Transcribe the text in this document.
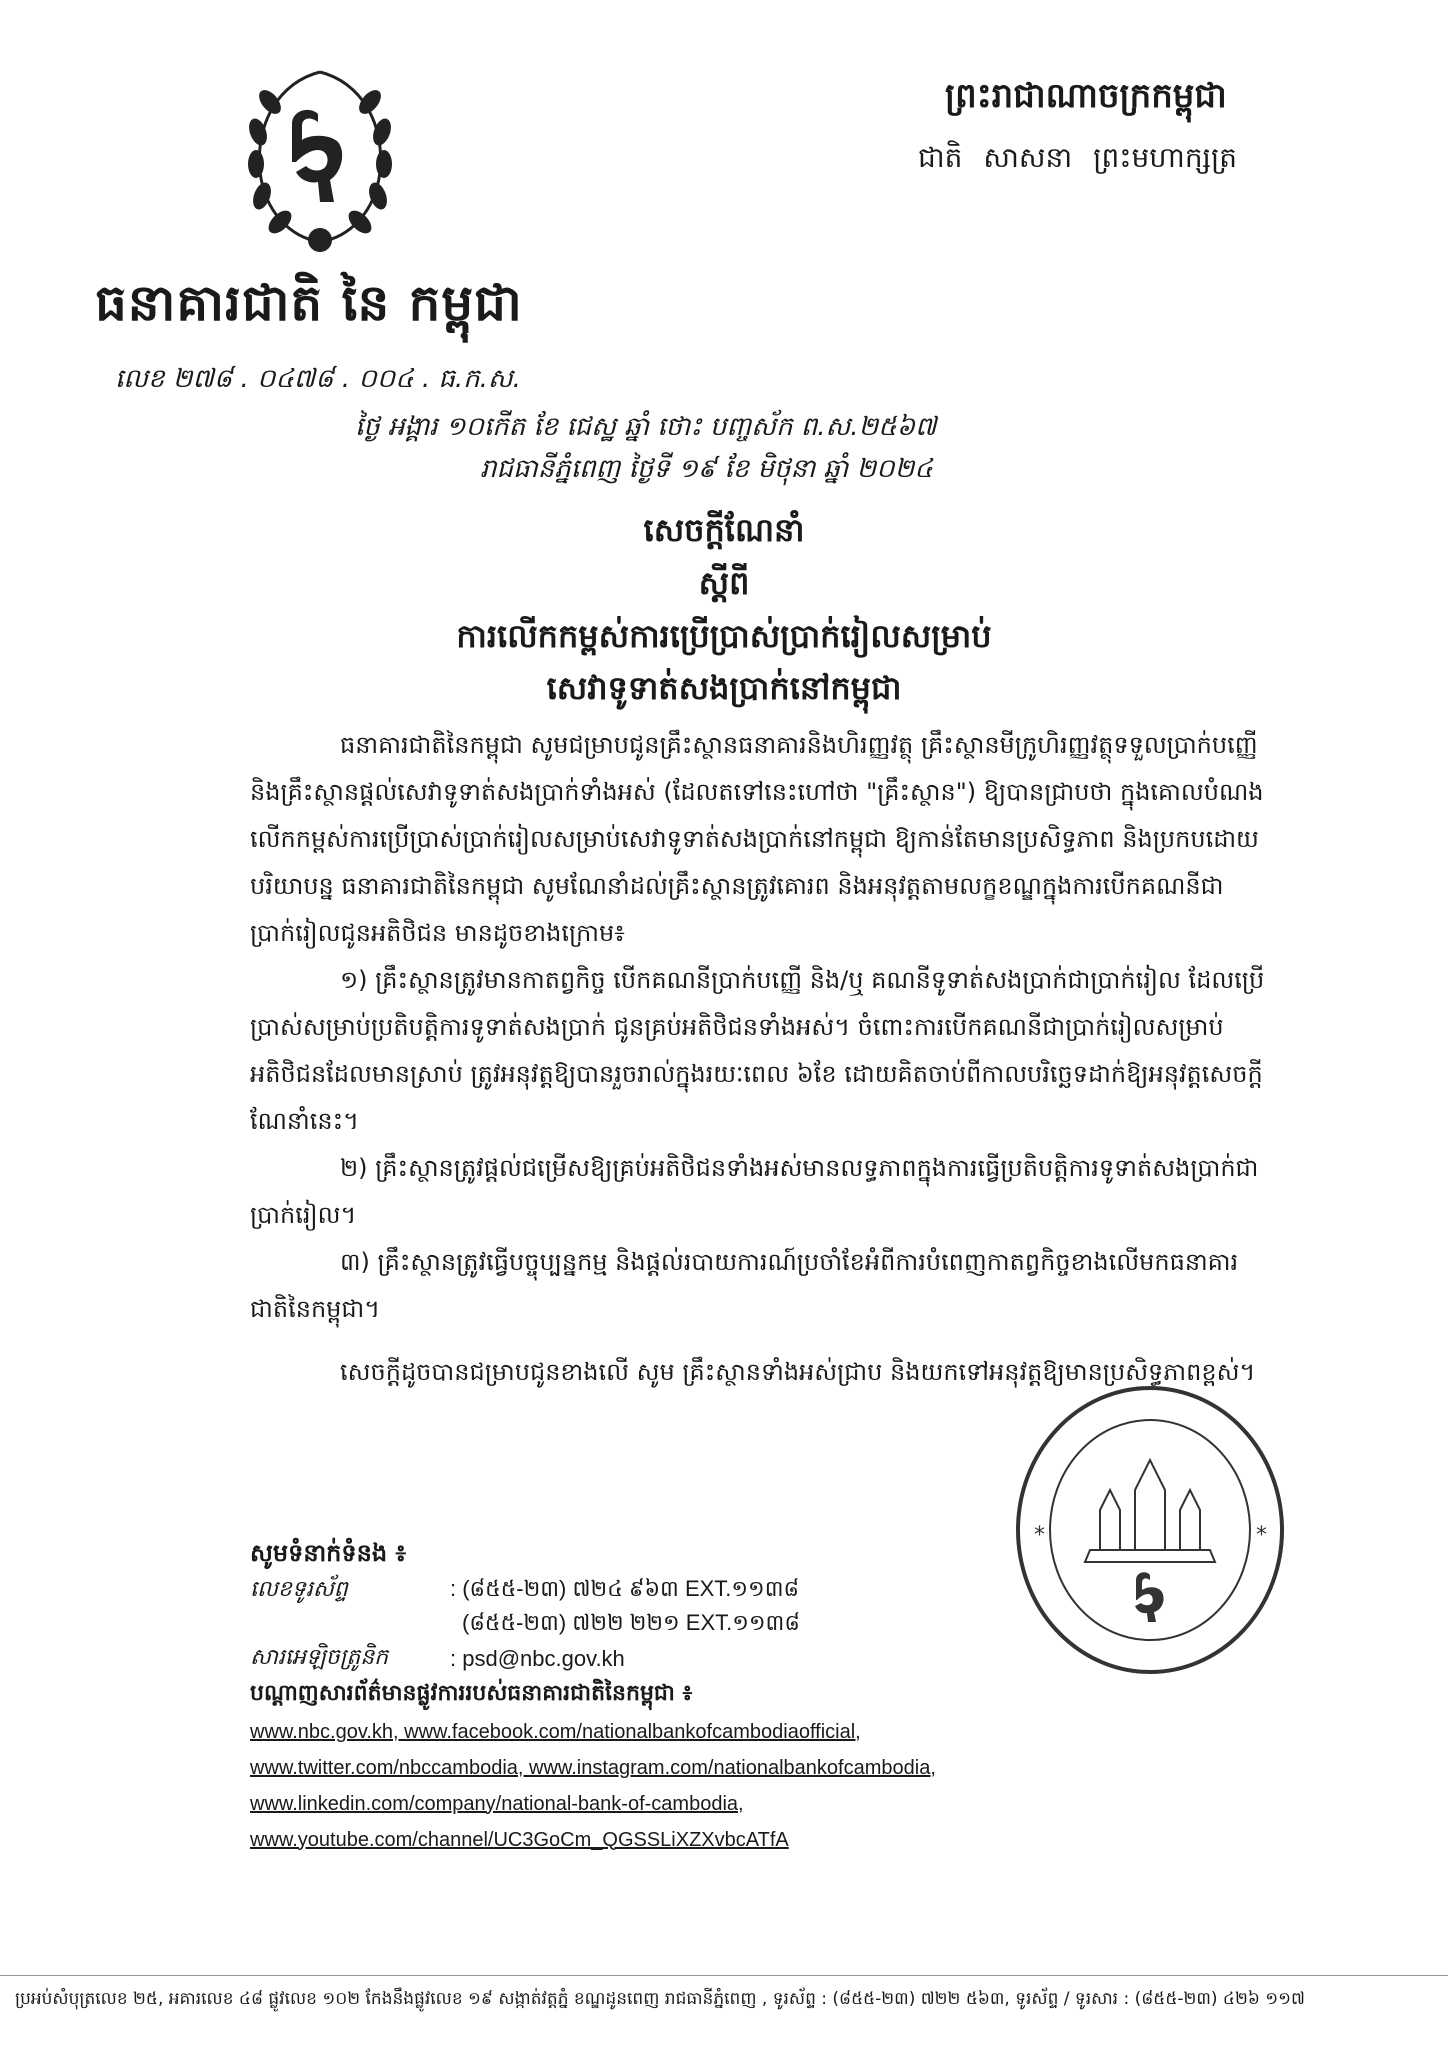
ធនាគារជាតិ នៃ កម្ពុជា
ព្រះរាជាណាចក្រកម្ពុជា
ជាតិ សាសនា ព្រះមហាក្សត្រ
លេខ ២៧៨ . ០៤៧៨ . ០០៤ . ធ.ក.ស.
ថ្ងៃ អង្គារ ១០កើត ខែ ជេស្ឋ ឆ្នាំ ថោះ បញ្ចស័ក ព.ស.២៥៦៧
រាជធានីភ្នំពេញ ថ្ងៃទី ១៩ ខែ មិថុនា ឆ្នាំ ២០២៤
សេចក្ដីណែនាំ
ស្ដីពី
ការលើកកម្ពស់ការប្រើប្រាស់ប្រាក់រៀលសម្រាប់
សេវាទូទាត់សងប្រាក់នៅកម្ពុជា

ធនាគារជាតិនៃកម្ពុជា សូមជម្រាបជូនគ្រឹះស្ថានធនាគារនិងហិរញ្ញវត្ថុ គ្រឹះស្ថានមីក្រូហិរញ្ញវត្ថុទទួលប្រាក់បញ្ញើ និងគ្រឹះស្ថានផ្ដល់សេវាទូទាត់សងប្រាក់ទាំងអស់ (ដែលតទៅនេះហៅថា "គ្រឹះស្ថាន") ឱ្យបានជ្រាបថា ក្នុងគោលបំណងលើកកម្ពស់ការប្រើប្រាស់ប្រាក់រៀលសម្រាប់សេវាទូទាត់សងប្រាក់នៅកម្ពុជា ឱ្យកាន់តែមានប្រសិទ្ធភាព និងប្រកបដោយបរិយាបន្ន ធនាគារជាតិនៃកម្ពុជា សូមណែនាំដល់គ្រឹះស្ថានត្រូវគោរព និងអនុវត្តតាមលក្ខខណ្ឌក្នុងការបើកគណនីជាប្រាក់រៀលជូនអតិថិជន មានដូចខាងក្រោម៖

១) គ្រឹះស្ថានត្រូវមានកាតព្វកិច្ច បើកគណនីប្រាក់បញ្ញើ និង/ឬ គណនីទូទាត់សងប្រាក់ជាប្រាក់រៀល ដែលប្រើប្រាស់សម្រាប់ប្រតិបត្តិការទូទាត់សងប្រាក់ ជូនគ្រប់អតិថិជនទាំងអស់។ ចំពោះការបើកគណនីជាប្រាក់រៀលសម្រាប់អតិថិជនដែលមានស្រាប់ ត្រូវអនុវត្តឱ្យបានរួចរាល់ក្នុងរយៈពេល ៦ខែ ដោយគិតចាប់ពីកាលបរិច្ឆេទដាក់ឱ្យអនុវត្តសេចក្ដីណែនាំនេះ។

២) គ្រឹះស្ថានត្រូវផ្ដល់ជម្រើសឱ្យគ្រប់អតិថិជនទាំងអស់មានលទ្ធភាពក្នុងការធ្វើប្រតិបត្តិការទូទាត់សងប្រាក់ជាប្រាក់រៀល។

៣) គ្រឹះស្ថានត្រូវធ្វើបច្ចុប្បន្នកម្ម និងផ្ដល់របាយការណ៍ប្រចាំខែអំពីការបំពេញកាតព្វកិច្ចខាងលើមកធនាគារជាតិនៃកម្ពុជា។

សេចក្ដីដូចបានជម្រាបជូនខាងលើ សូម គ្រឹះស្ថានទាំងអស់ជ្រាប និងយកទៅអនុវត្តឱ្យមានប្រសិទ្ធភាពខ្ពស់។

*	*
សូមទំនាក់ទំនង ៖
លេខទូរស័ព្ទ	: (៨៥៥-២៣) ៧២៤ ៩៦៣ EXT.១១៣៨
(៨៥៥-២៣) ៧២២ ២២១ EXT.១១៣៨
សារអេឡិចត្រូនិក	: psd@nbc.gov.kh
បណ្ដាញសារព័ត៌មានផ្លូវការរបស់ធនាគារជាតិនៃកម្ពុជា ៖
www.nbc.gov.kh, www.facebook.com/nationalbankofcambodiaofficial,
www.twitter.com/nbccambodia, www.instagram.com/nationalbankofcambodia,
www.linkedin.com/company/national-bank-of-cambodia,
www.youtube.com/channel/UC3GoCm_QGSSLiXZXvbcATfA
ប្រអប់សំបុត្រលេខ ២៥, អគារលេខ ៤៨ ផ្លូវលេខ ១០២ កែងនឹងផ្លូវលេខ ១៩ សង្កាត់វត្តភ្នំ ខណ្ឌដូនពេញ រាជធានីភ្នំពេញ , ទូរស័ព្ទ : (៨៥៥-២៣) ៧២២ ៥៦៣, ទូរស័ព្ទ / ទូរសារ : (៨៥៥-២៣) ៤២៦ ១១៧
